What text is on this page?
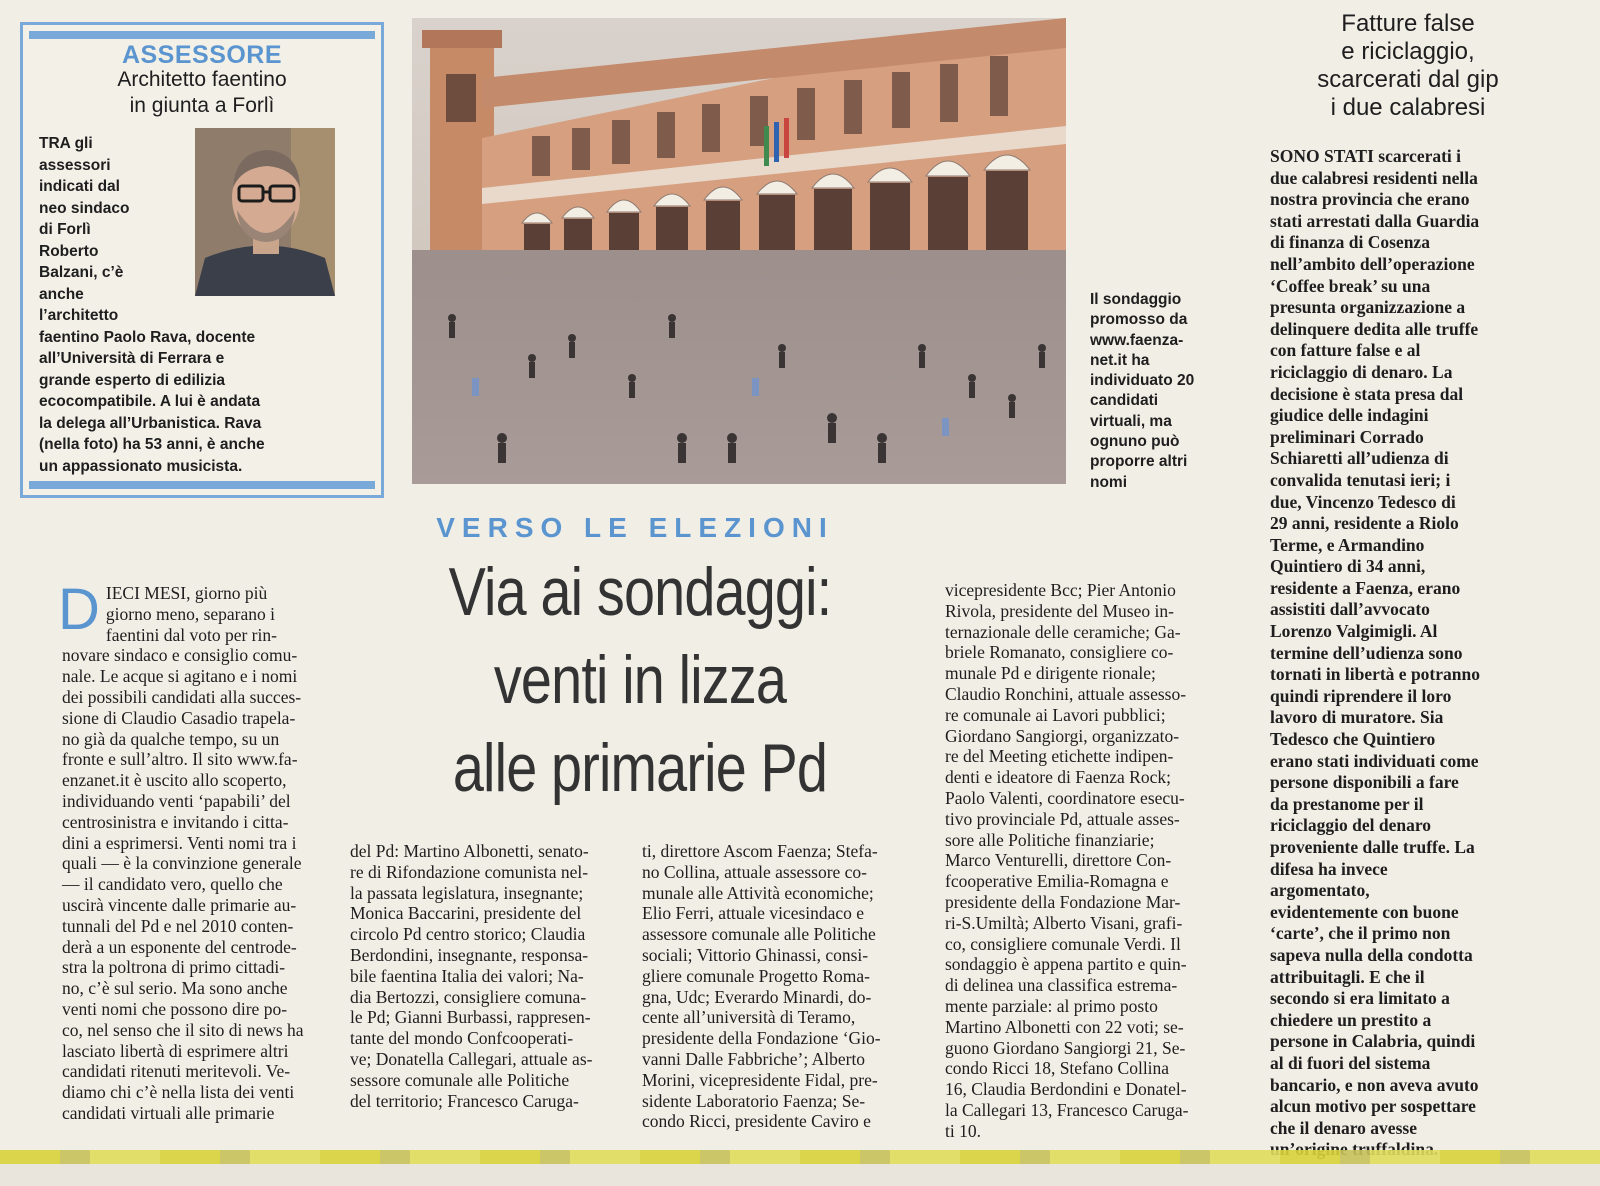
ASSESSORE
Architetto faentino
in giunta a Forlì
TRA gli
assessori
indicati dal
neo sindaco
di Forlì
Roberto
Balzani, c’è
anche
l’architetto
faentino Paolo Rava, docente
all’Università di Ferrara e
grande esperto di edilizia
ecocompatibile. A lui è andata
la delega all’Urbanistica. Rava
(nella foto) ha 53 anni, è anche
un appassionato musicista.
Il sondaggio
promosso da
www.faenza-
net.it ha
individuato 20
candidati
virtuali, ma
ognuno può
proporre altri
nomi
Fatture false
e riciclaggio,
scarcerati dal gip
i due calabresi
SONO STATI scarcerati i
due calabresi residenti nella
nostra provincia che erano
stati arrestati dalla Guardia
di finanza di Cosenza
nell’ambito dell’operazione
‘Coffee break’ su una
presunta organizzazione a
delinquere dedita alle truffe
con fatture false e al
riciclaggio di denaro. La
decisione è stata presa dal
giudice delle indagini
preliminari Corrado
Schiaretti all’udienza di
convalida tenutasi ieri; i
due, Vincenzo Tedesco di
29 anni, residente a Riolo
Terme, e Armandino
Quintiero di 34 anni,
residente a Faenza, erano
assistiti dall’avvocato
Lorenzo Valgimigli. Al
termine dell’udienza sono
tornati in libertà e potranno
quindi riprendere il loro
lavoro di muratore. Sia
Tedesco che Quintiero
erano stati individuati come
persone disponibili a fare
da prestanome per il
riciclaggio del denaro
proveniente dalle truffe. La
difesa ha invece
argomentato,
evidentemente con buone
‘carte’, che il primo non
sapeva nulla della condotta
attribuitagli. E che il
secondo si era limitato a
chiedere un prestito a
persone in Calabria, quindi
al di fuori del sistema
bancario, e non aveva avuto
alcun motivo per sospettare
che il denaro avesse
VERSO LE ELEZIONI
Via ai sondaggi:
venti in lizza
alle primarie Pd
D IECI MESI, giorno più
giorno meno, separano i
faentini dal voto per rin-
novare sindaco e consiglio comu-
nale. Le acque si agitano e i nomi
dei possibili candidati alla succes-
sione di Claudio Casadio trapela-
no già da qualche tempo, su un
fronte e sull’altro. Il sito www.fa-
enzanet.it è uscito allo scoperto,
individuando venti ‘papabili’ del
centrosinistra e invitando i citta-
dini a esprimersi. Venti nomi tra i
quali — è la convinzione generale
— il candidato vero, quello che
uscirà vincente dalle primarie au-
tunnali del Pd e nel 2010 conten-
derà a un esponente del centrode-
stra la poltrona di primo cittadi-
no, c’è sul serio. Ma sono anche
venti nomi che possono dire po-
co, nel senso che il sito di news ha
lasciato libertà di esprimere altri
candidati ritenuti meritevoli. Ve-
diamo chi c’è nella lista dei venti
candidati virtuali alle primarie
del Pd: Martino Albonetti, senato-
re di Rifondazione comunista nel-
la passata legislatura, insegnante;
Monica Baccarini, presidente del
circolo Pd centro storico; Claudia
Berdondini, insegnante, responsa-
bile faentina Italia dei valori; Na-
dia Bertozzi, consigliere comuna-
le Pd; Gianni Burbassi, rappresen-
tante del mondo Confcooperati-
ve; Donatella Callegari, attuale as-
sessore comunale alle Politiche
del territorio; Francesco Caruga-
ti, direttore Ascom Faenza; Stefa-
no Collina, attuale assessore co-
munale alle Attività economiche;
Elio Ferri, attuale vicesindaco e
assessore comunale alle Politiche
sociali; Vittorio Ghinassi, consi-
gliere comunale Progetto Roma-
gna, Udc; Everardo Minardi, do-
cente all’università di Teramo,
presidente della Fondazione ‘Gio-
vanni Dalle Fabbriche’; Alberto
Morini, vicepresidente Fidal, pre-
sidente Laboratorio Faenza; Se-
condo Ricci, presidente Caviro e
vicepresidente Bcc; Pier Antonio
Rivola, presidente del Museo in-
ternazionale delle ceramiche; Ga-
briele Romanato, consigliere co-
munale Pd e dirigente rionale;
Claudio Ronchini, attuale assesso-
re comunale ai Lavori pubblici;
Giordano Sangiorgi, organizzato-
re del Meeting etichette indipen-
denti e ideatore di Faenza Rock;
Paolo Valenti, coordinatore esecu-
tivo provinciale Pd, attuale asses-
sore alle Politiche finanziarie;
Marco Venturelli, direttore Con-
fcooperative Emilia-Romagna e
presidente della Fondazione Mar-
ri-S.Umiltà; Alberto Visani, grafi-
co, consigliere comunale Verdi. Il
sondaggio è appena partito e quin-
di delinea una classifica estrema-
mente parziale: al primo posto
Martino Albonetti con 22 voti; se-
guono Giordano Sangiorgi 21, Se-
condo Ricci 18, Stefano Collina
16, Claudia Berdondini e Donatel-
la Callegari 13, Francesco Caruga-
ti 10.
